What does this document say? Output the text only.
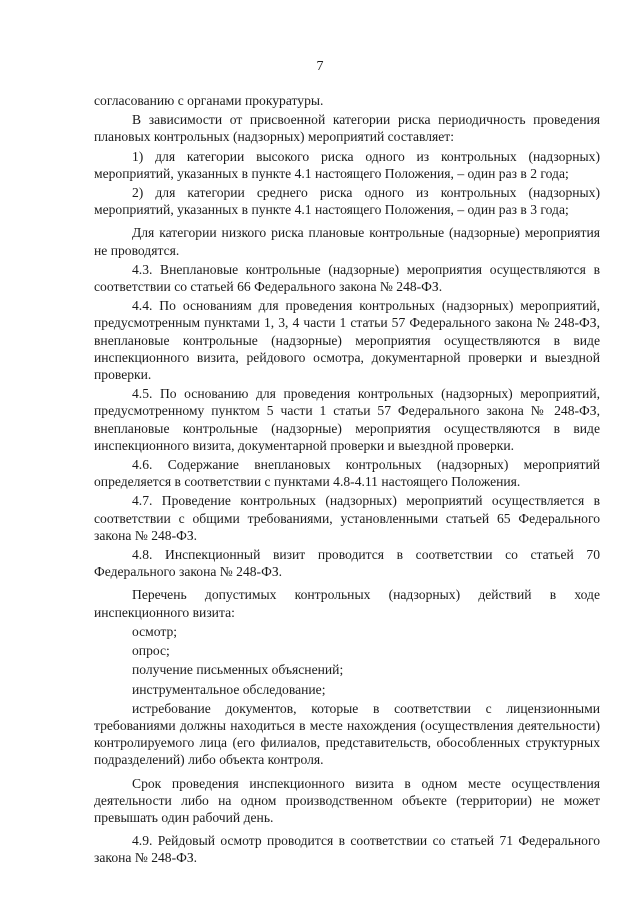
7

согласованию с органами прокуратуры.

В зависимости от присвоенной категории риска периодичность проведения плановых контрольных (надзорных) мероприятий составляет:

1) для категории высокого риска одного из контрольных (надзорных) мероприятий, указанных в пункте 4.1 настоящего Положения, – один раз в 2 года;

2) для категории среднего риска одного из контрольных (надзорных) мероприятий, указанных в пункте 4.1 настоящего Положения, – один раз в 3 года;

Для категории низкого риска плановые контрольные (надзорные) мероприятия не проводятся.

4.3. Внеплановые контрольные (надзорные) мероприятия осуществляются в соответствии со статьей 66 Федерального закона № 248-ФЗ.

4.4. По основаниям для проведения контрольных (надзорных) мероприятий, предусмотренным пунктами 1, 3, 4 части 1 статьи 57 Федерального закона № 248-ФЗ, внеплановые контрольные (надзорные) мероприятия осуществляются в виде инспекционного визита, рейдового осмотра, документарной проверки и выездной проверки.

4.5. По основанию для проведения контрольных (надзорных) мероприятий, предусмотренному пунктом 5 части 1 статьи 57 Федерального закона № 248-ФЗ, внеплановые контрольные (надзорные) мероприятия осуществляются в виде инспекционного визита, документарной проверки и выездной проверки.

4.6. Содержание внеплановых контрольных (надзорных) мероприятий определяется в соответствии с пунктами 4.8-4.11 настоящего Положения.

4.7. Проведение контрольных (надзорных) мероприятий осуществляется в соответствии с общими требованиями, установленными статьей 65 Федерального закона № 248-ФЗ.

4.8. Инспекционный визит проводится в соответствии со статьей 70 Федерального закона № 248-ФЗ.

Перечень допустимых контрольных (надзорных) действий в ходе инспекционного визита:

осмотр;

опрос;

получение письменных объяснений;

инструментальное обследование;

истребование документов, которые в соответствии с лицензионными требованиями должны находиться в месте нахождения (осуществления деятельности) контролируемого лица (его филиалов, представительств, обособленных структурных подразделений) либо объекта контроля.

Срок проведения инспекционного визита в одном месте осуществления деятельности либо на одном производственном объекте (территории) не может превышать один рабочий день.

4.9. Рейдовый осмотр проводится в соответствии со статьей 71 Федерального закона № 248-ФЗ.
